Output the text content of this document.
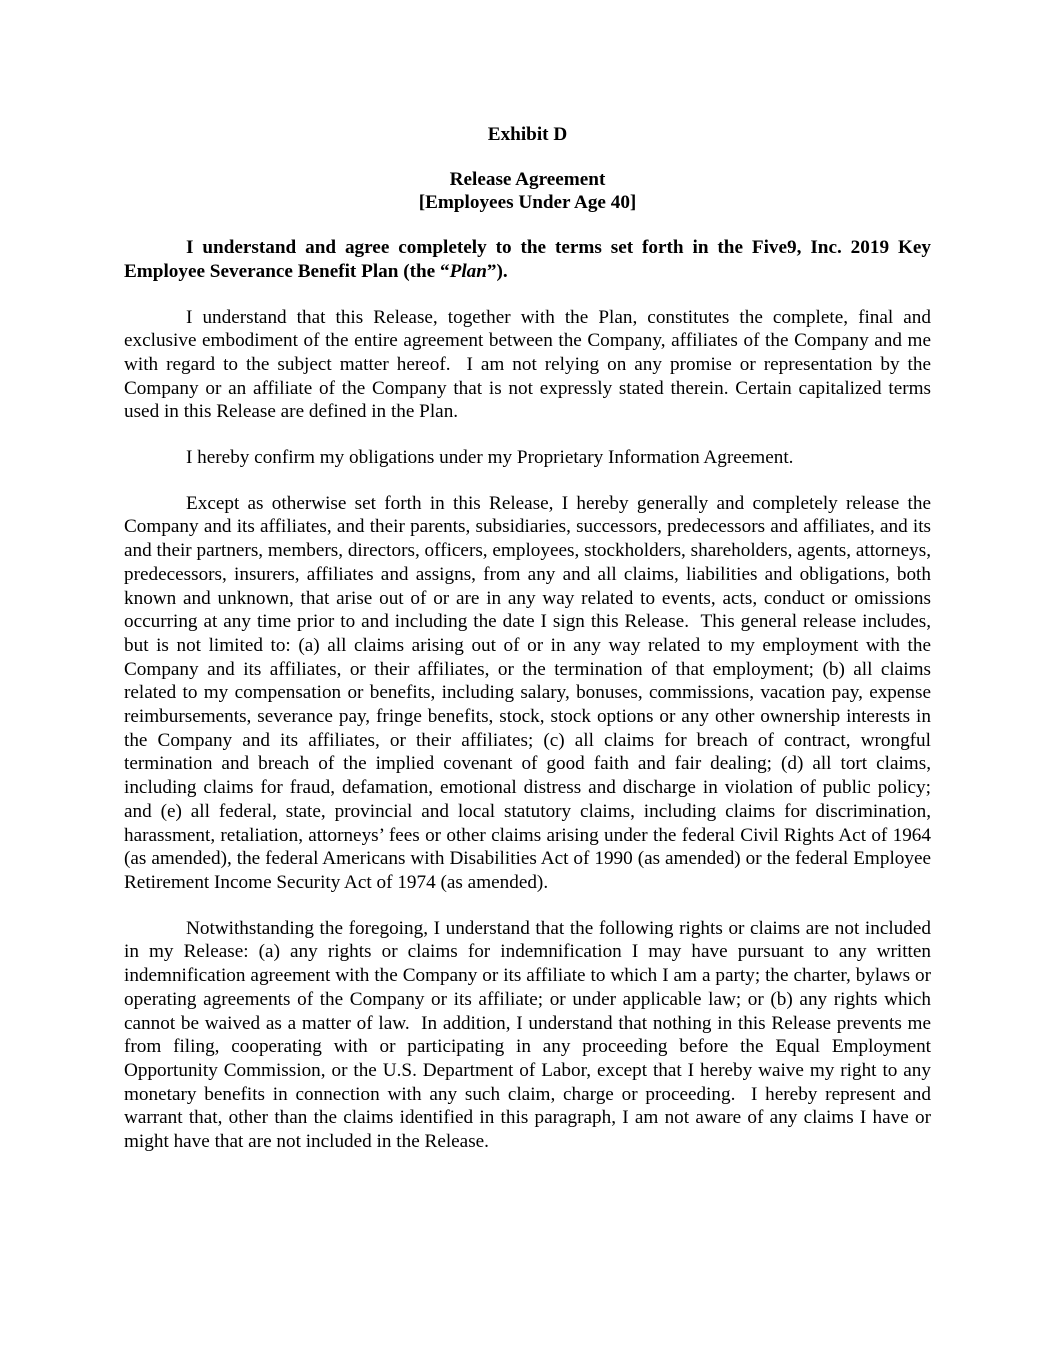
Exhibit D
Release Agreement
[Employees Under Age 40]

I understand and agree completely to the terms set forth in the Five9, Inc. 2019 Key Employee Severance Benefit Plan (the “Plan”).

I understand that this Release, together with the Plan, constitutes the complete, final and exclusive embodiment of the entire agreement between the Company, affiliates of the Company and me with regard to the subject matter hereof.  I am not relying on any promise or representation by the Company or an affiliate of the Company that is not expressly stated therein. Certain capitalized terms used in this Release are defined in the Plan.

I hereby confirm my obligations under my Proprietary Information Agreement.

Except as otherwise set forth in this Release, I hereby generally and completely release the Company and its affiliates, and their parents, subsidiaries, successors, predecessors and affiliates, and its and their partners, members, directors, officers, employees, stockholders, shareholders, agents, attorneys, predecessors, insurers, affiliates and assigns, from any and all claims, liabilities and obligations, both known and unknown, that arise out of or are in any way related to events, acts, conduct or omissions occurring at any time prior to and including the date I sign this Release.  This general release includes, but is not limited to: (a) all claims arising out of or in any way related to my employment with the Company and its affiliates, or their affiliates, or the termination of that employment; (b) all claims related to my compensation or benefits, including salary, bonuses, commissions, vacation pay, expense reimbursements, severance pay, fringe benefits, stock, stock options or any other ownership interests in the Company and its affiliates, or their affiliates; (c) all claims for breach of contract, wrongful termination and breach of the implied covenant of good faith and fair dealing; (d) all tort claims, including claims for fraud, defamation, emotional distress and discharge in violation of public policy; and (e) all federal, state, provincial and local statutory claims, including claims for discrimination, harassment, retaliation, attorneys’ fees or other claims arising under the federal Civil Rights Act of 1964 (as amended), the federal Americans with Disabilities Act of 1990 (as amended) or the federal Employee Retirement Income Security Act of 1974 (as amended).

Notwithstanding the foregoing, I understand that the following rights or claims are not included in my Release: (a) any rights or claims for indemnification I may have pursuant to any written indemnification agreement with the Company or its affiliate to which I am a party; the charter, bylaws or operating agreements of the Company or its affiliate; or under applicable law; or (b) any rights which cannot be waived as a matter of law.  In addition, I understand that nothing in this Release prevents me from filing, cooperating with or participating in any proceeding before the Equal Employment Opportunity Commission, or the U.S. Department of Labor, except that I hereby waive my right to any monetary benefits in connection with any such claim, charge or proceeding.  I hereby represent and warrant that, other than the claims identified in this paragraph, I am not aware of any claims I have or might have that are not included in the Release.
